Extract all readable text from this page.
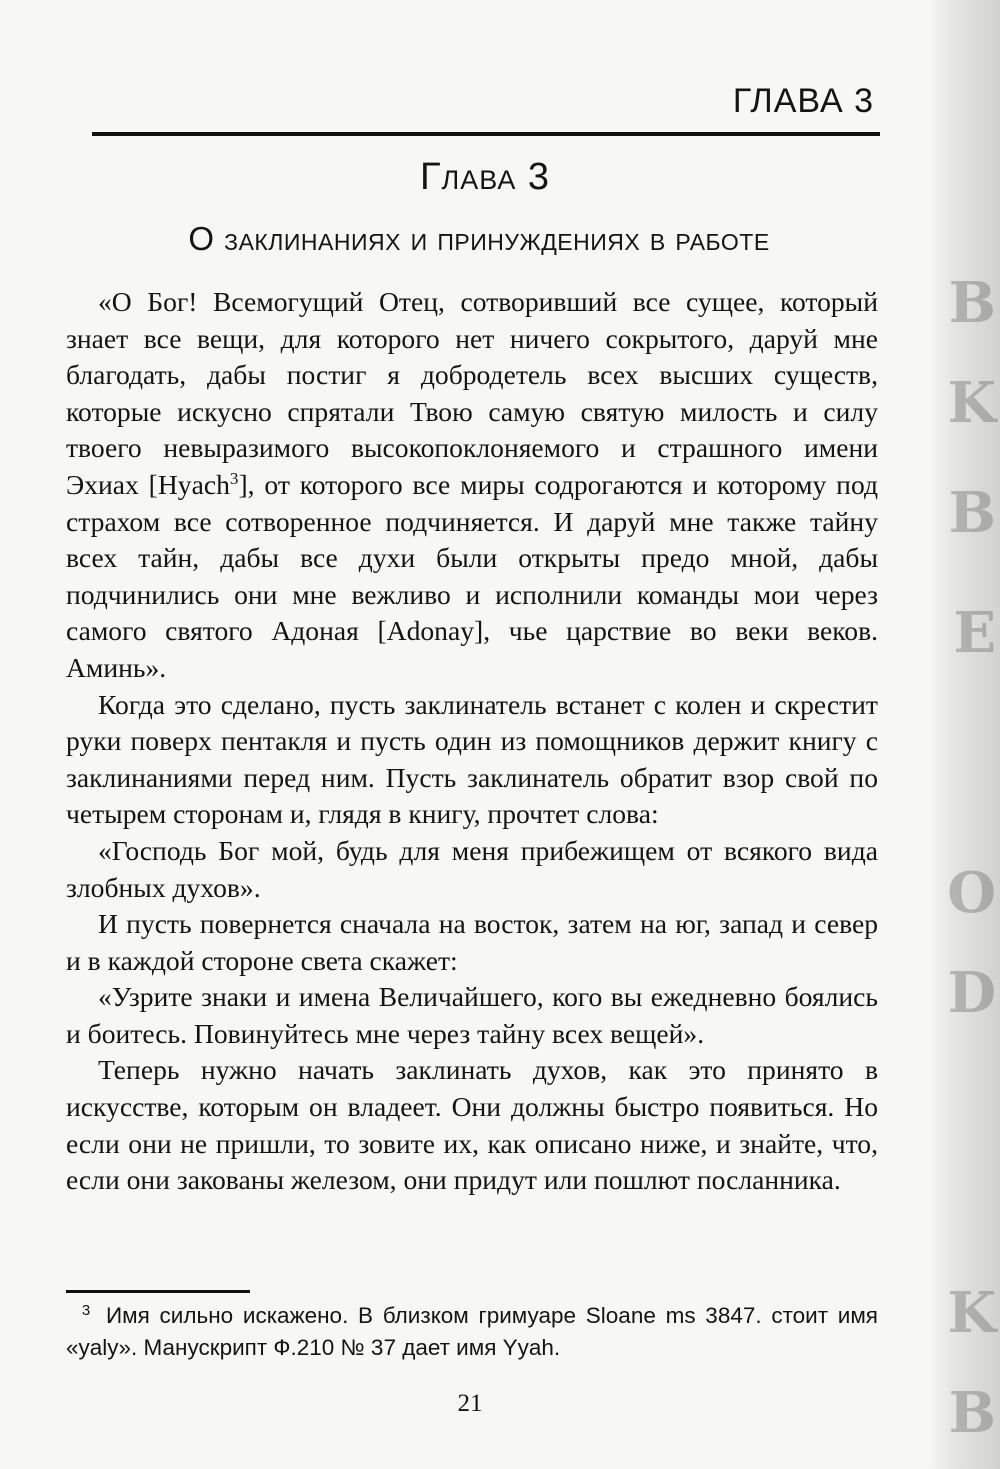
B
K
B
E
O
D
K
B
ГЛАВА 3
Глава 3
О заклинаниях и принуждениях в работе

«О Бог! Всемогущий Отец, сотворивший все сущее, который знает все вещи, для которого нет ничего сокрытого, даруй мне благодать, дабы постиг я добродетель всех высших существ, которые искусно спрятали Твою самую святую милость и силу твоего невыразимого высокопоклоняемого и страшного имени Эхиах [Hyach$^3$], от которого все миры содрогаются и которому под страхом все сотворенное подчиняется. И даруй мне также тайну всех тайн, дабы все духи были открыты предо мной, дабы подчинились они мне вежливо и исполнили команды мои через самого святого Адоная [Adonay], чье царствие во веки веков. Аминь».

Когда это сделано, пусть заклинатель встанет с колен и скрестит руки поверх пентакля и пусть один из помощников держит книгу с заклинаниями перед ним. Пусть заклинатель обратит взор свой по четырем сторонам и, глядя в книгу, прочтет слова:

«Господь Бог мой, будь для меня прибежищем от всякого вида злобных духов».

И пусть повернется сначала на восток, затем на юг, запад и север и в каждой стороне света скажет:

«Узрите знаки и имена Величайшего, кого вы ежедневно боялись и боитесь. Повинуйтесь мне через тайну всех вещей».

Теперь нужно начать заклинать духов, как это принято в искусстве, которым он владеет. Они должны быстро появиться. Но если они не пришли, то зовите их, как описано ниже, и знайте, что, если они закованы железом, они придут или пошлют посланника.

3 Имя сильно искажено. В близком гримуаре Sloane ms 3847. стоит имя «yaly». Манускрипт Ф.210 № 37 дает имя Yyah.
21
